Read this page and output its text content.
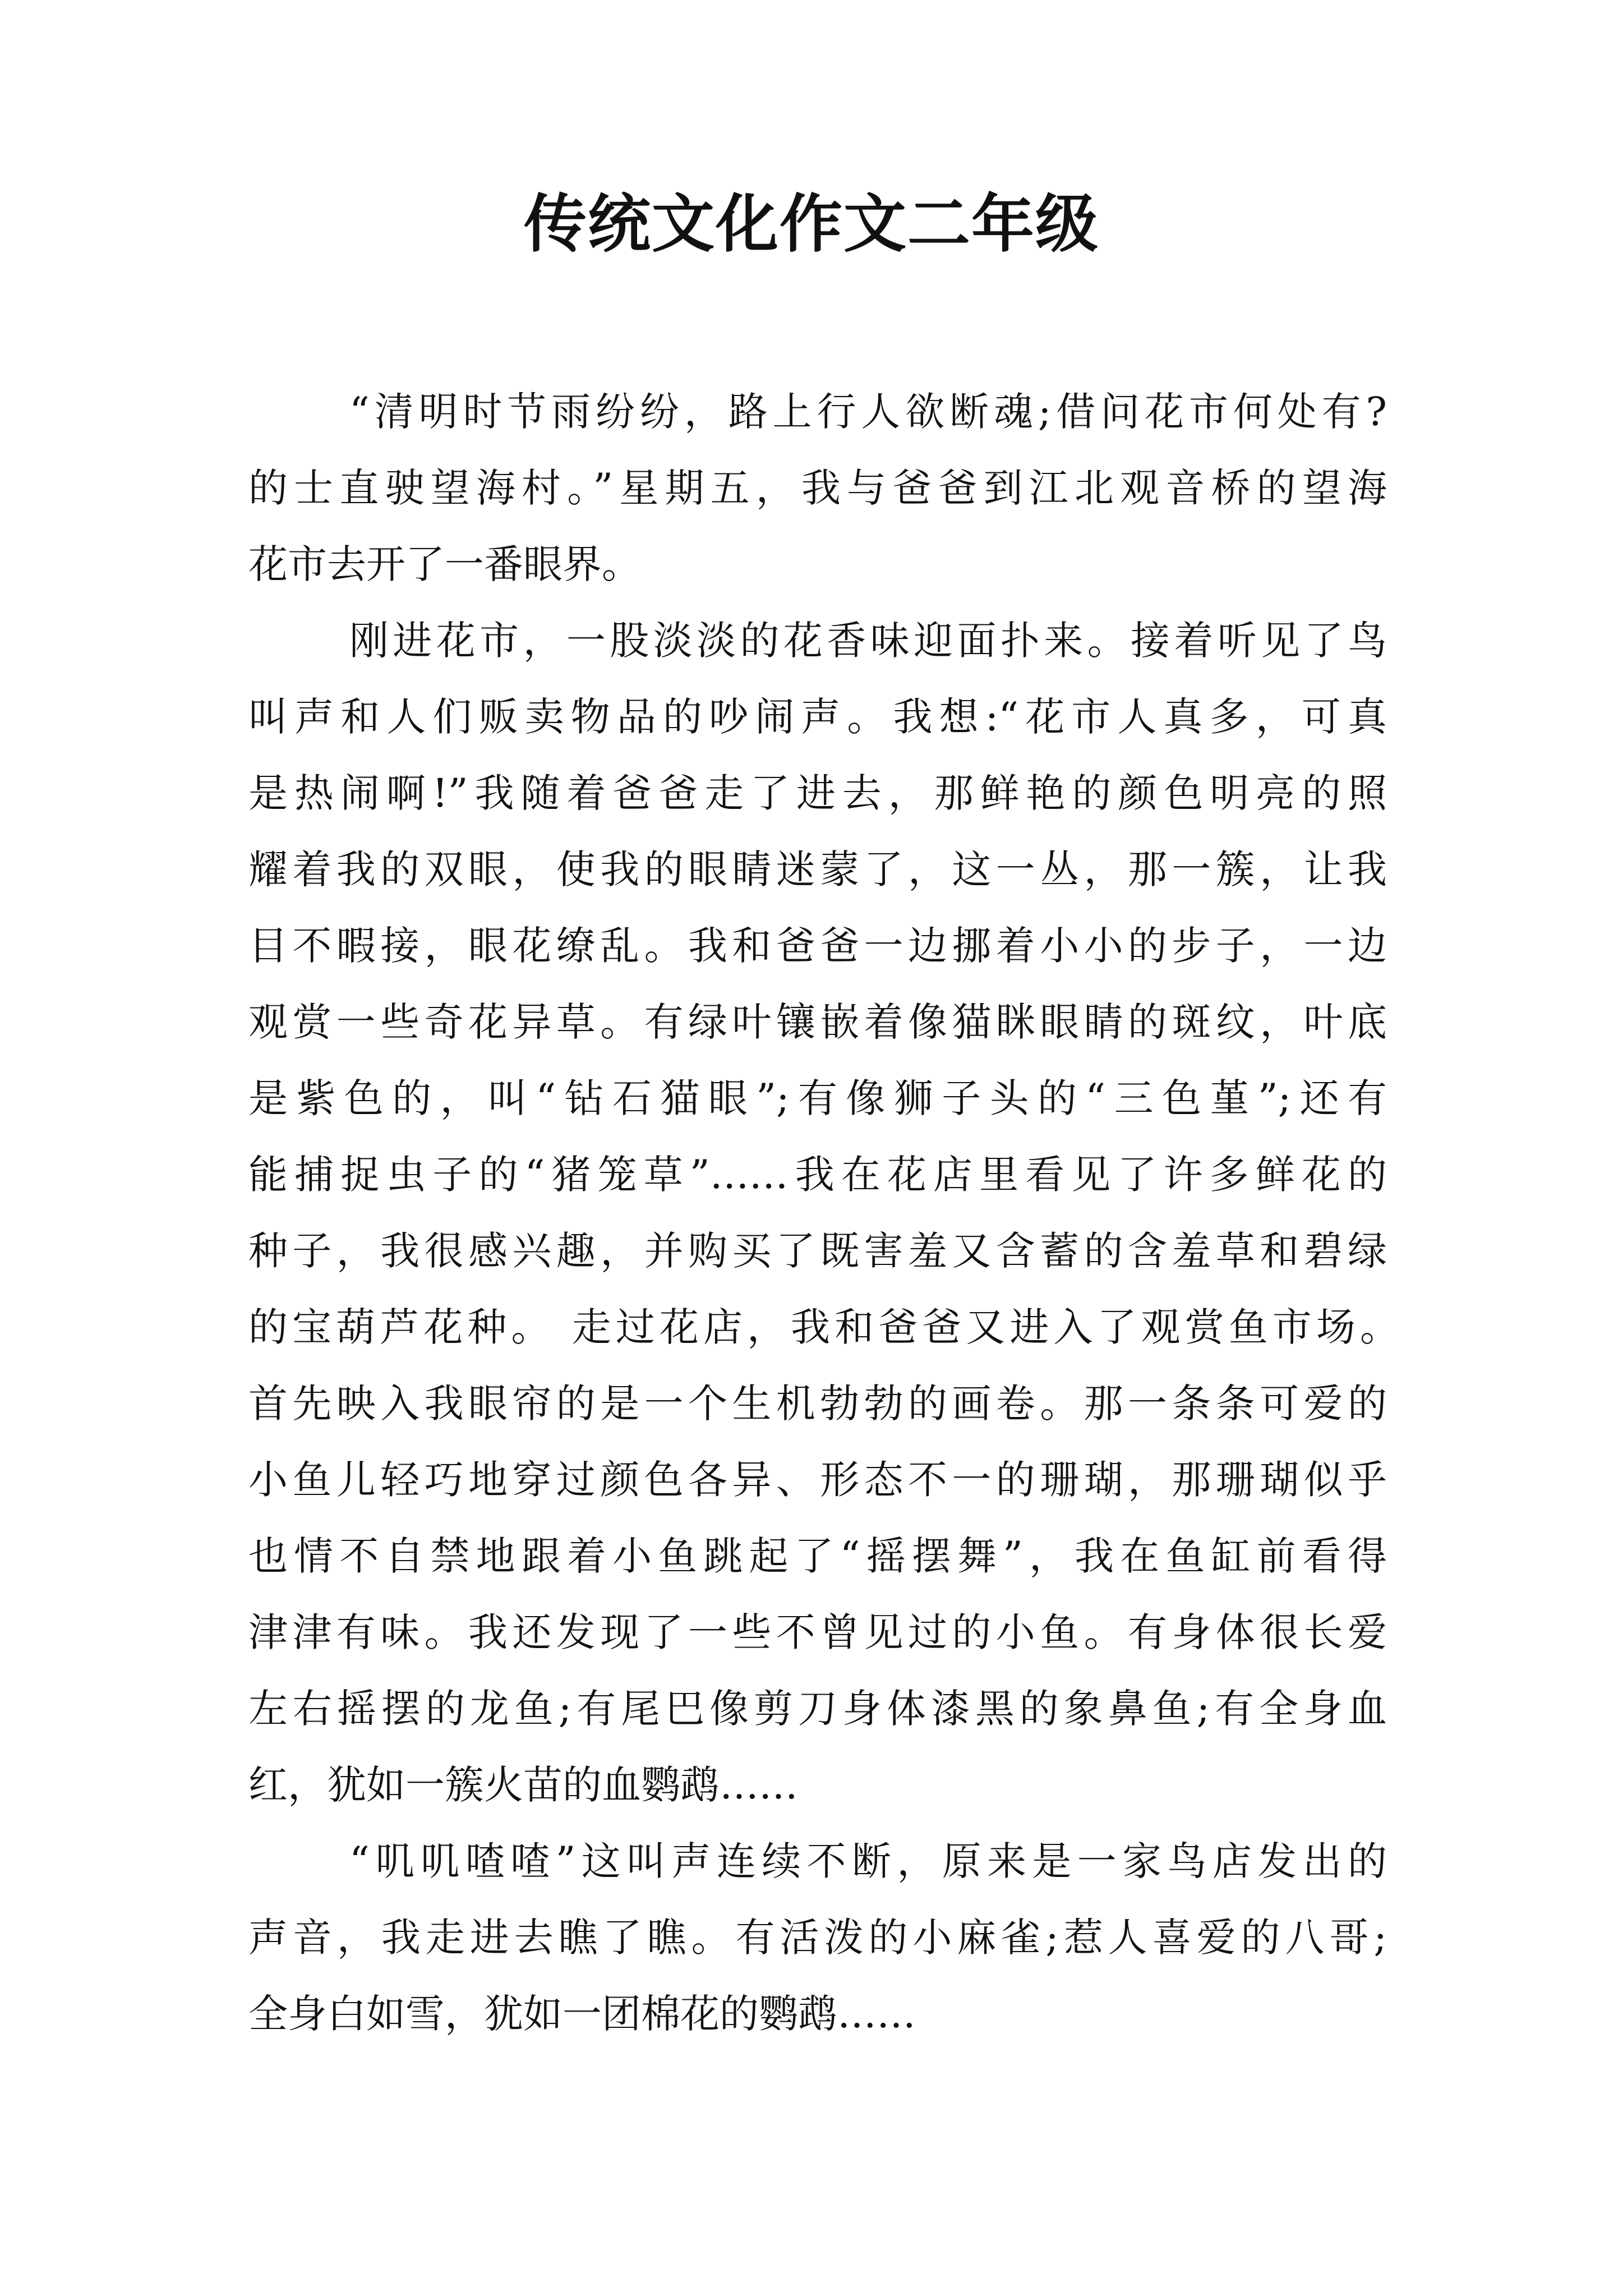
传统文化作文二年级
“清明时节雨纷纷，路上行人欲断魂;借问花市何处有?
的士直驶望海村。”星期五，我与爸爸到江北观音桥的望海
花市去开了一番眼界。
刚进花市，一股淡淡的花香味迎面扑来。接着听见了鸟
叫声和人们贩卖物品的吵闹声。我想:“花市人真多，可真
是热闹啊!”我随着爸爸走了进去，那鲜艳的颜色明亮的照
耀着我的双眼，使我的眼睛迷蒙了，这一丛，那一簇，让我
目不暇接，眼花缭乱。我和爸爸一边挪着小小的步子，一边
观赏一些奇花异草。有绿叶镶嵌着像猫眯眼睛的斑纹，叶底
是紫色的，叫“钻石猫眼”;有像狮子头的“三色堇”;还有
能捕捉虫子的“猪笼草”……我在花店里看见了许多鲜花的
种子，我很感兴趣，并购买了既害羞又含蓄的含羞草和碧绿
的宝葫芦花种。 走过花店，我和爸爸又进入了观赏鱼市场。
首先映入我眼帘的是一个生机勃勃的画卷。那一条条可爱的
小鱼儿轻巧地穿过颜色各异、形态不一的珊瑚，那珊瑚似乎
也情不自禁地跟着小鱼跳起了“摇摆舞”，我在鱼缸前看得
津津有味。我还发现了一些不曾见过的小鱼。有身体很长爱
左右摇摆的龙鱼;有尾巴像剪刀身体漆黑的象鼻鱼;有全身血
红，犹如一簇火苗的血鹦鹉……
“叽叽喳喳”这叫声连续不断，原来是一家鸟店发出的
声音，我走进去瞧了瞧。有活泼的小麻雀;惹人喜爱的八哥;
全身白如雪，犹如一团棉花的鹦鹉……
